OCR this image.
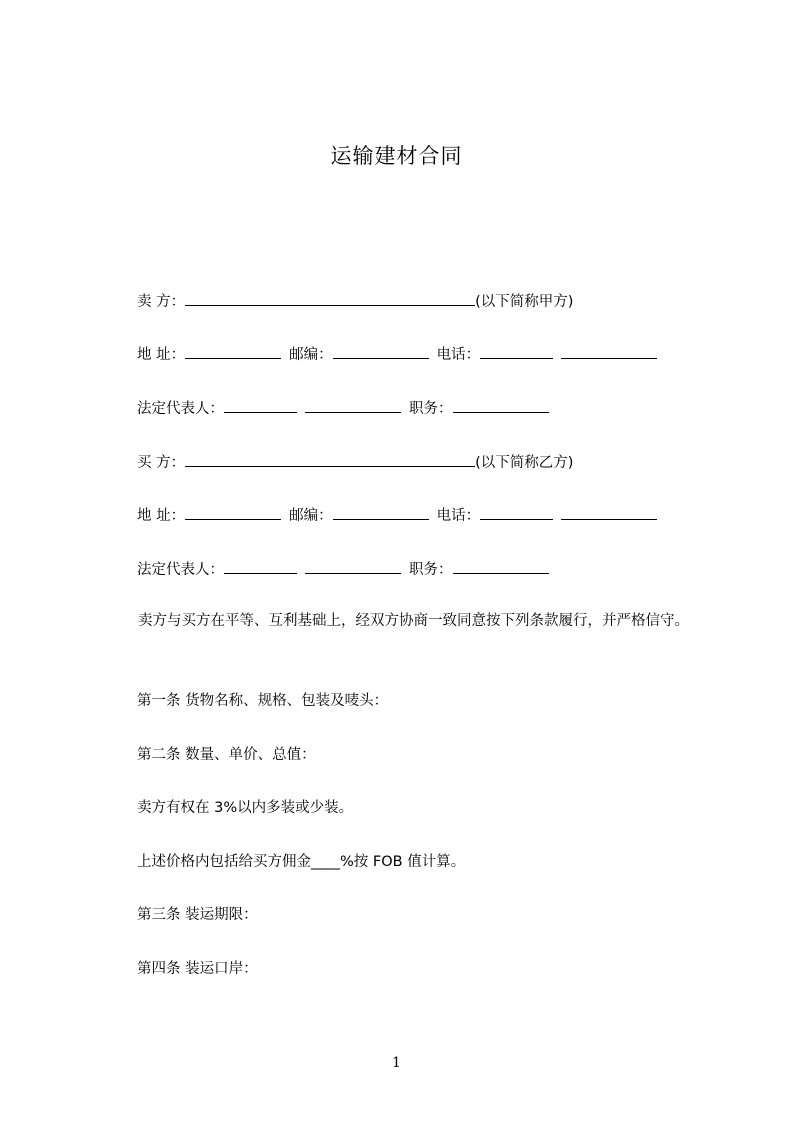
运输建材合同
卖 方：	(以下简称甲方)
地 址：	邮编：	电话：
法定代表人：	职务：
买 方：	(以下简称乙方)
地 址：	邮编：	电话：
法定代表人：	职务：
卖方与买方在平等、互利基础上，经双方协商一致同意按下列条款履行，并严格信守。
第一条 货物名称、规格、包装及唛头：
第二条 数量、单价、总值：
卖方有权在 3%以内多装或少装。
上述价格内包括给买方佣金____%按 FOB 值计算。
第三条 装运期限：
第四条 装运口岸：
1
